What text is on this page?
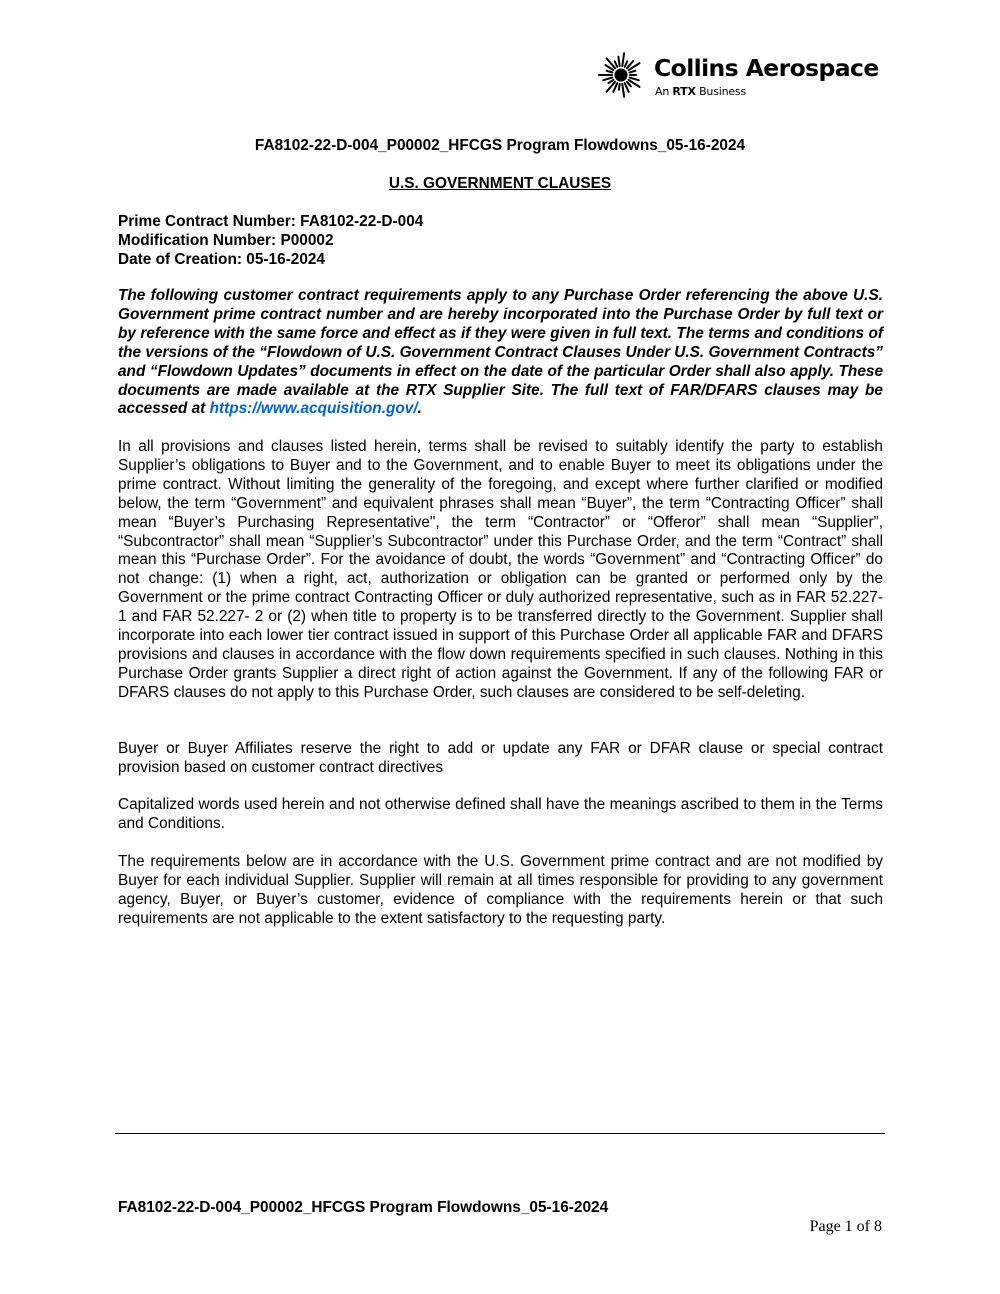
Collins Aerospace
An RTX Business
FA8102-22-D-004_P00002_HFCGS Program Flowdowns_05-16-2024
U.S. GOVERNMENT CLAUSES
Prime Contract Number: FA8102-22-D-004
Modification Number: P00002
Date of Creation: 05-16-2024

The following customer contract requirements apply to any Purchase Order referencing the above U.S. Government prime contract number and are hereby incorporated into the Purchase Order by full text or by reference with the same force and effect as if they were given in full text. The terms and conditions of the versions of the “Flowdown of U.S. Government Contract Clauses Under U.S. Government Contracts” and “Flowdown Updates” documents in effect on the date of the particular Order shall also apply. These documents are made available at the RTX Supplier Site. The full text of FAR/DFARS clauses may be accessed at https://www.acquisition.gov/.

In all provisions and clauses listed herein, terms shall be revised to suitably identify the party to establish Supplier’s obligations to Buyer and to the Government, and to enable Buyer to meet its obligations under the prime contract. Without limiting the generality of the foregoing, and except where further clarified or modified below, the term “Government” and equivalent phrases shall mean “Buyer”, the term “Contracting Officer” shall mean “Buyer’s Purchasing Representative", the term “Contractor” or “Offeror” shall mean “Supplier”, “Subcontractor” shall mean “Supplier’s Subcontractor” under this Purchase Order, and the term “Contract” shall mean this “Purchase Order”. For the avoidance of doubt, the words “Government” and “Contracting Officer” do not change: (1) when a right, act, authorization or obligation can be granted or performed only by the Government or the prime contract Contracting Officer or duly authorized representative, such as in FAR 52.227-1 and FAR 52.227- 2 or (2) when title to property is to be transferred directly to the Government. Supplier shall incorporate into each lower tier contract issued in support of this Purchase Order all applicable FAR and DFARS provisions and clauses in accordance with the flow down requirements specified in such clauses. Nothing in this Purchase Order grants Supplier a direct right of action against the Government. If any of the following FAR or DFARS clauses do not apply to this Purchase Order, such clauses are considered to be self-deleting.

Buyer or Buyer Affiliates reserve the right to add or update any FAR or DFAR clause or special contract provision based on customer contract directives

Capitalized words used herein and not otherwise defined shall have the meanings ascribed to them in the Terms and Conditions.

The requirements below are in accordance with the U.S. Government prime contract and are not modified by Buyer for each individual Supplier. Supplier will remain at all times responsible for providing to any government agency, Buyer, or Buyer’s customer, evidence of compliance with the requirements herein or that such requirements are not applicable to the extent satisfactory to the requesting party.

FA8102-22-D-004_P00002_HFCGS Program Flowdowns_05-16-2024
Page 1 of 8
